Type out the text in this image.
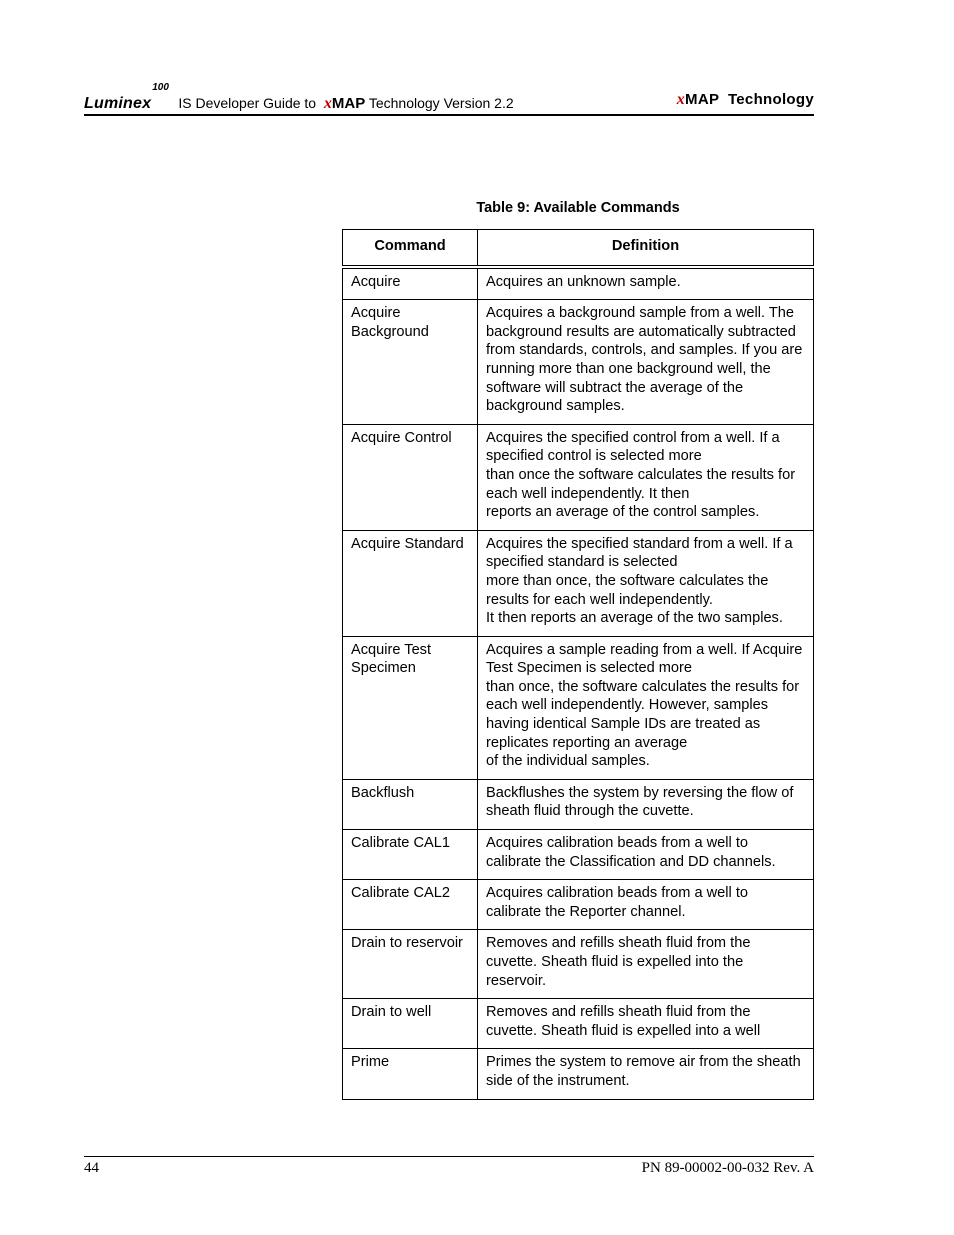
Luminex$^{100}$ IS Developer Guide to xMAP Technology Version 2.2	xMAP  Technology
Table 9: Available Commands
Command	Definition
Acquire	Acquires an unknown sample.
Acquire Background	Acquires a background sample from a well. The background results are automatically subtracted from standards, controls, and samples. If you are running more than one background well, the software will subtract the average of the background samples.
Acquire Control	Acquires the specified control from a well. If a specified control is selected more
than once the software calculates the results for each well independently. It then
reports an average of the control samples.
Acquire Standard	Acquires the specified standard from a well. If a specified standard is selected
more than once, the software calculates the results for each well independently.
It then reports an average of the two samples.
Acquire Test Specimen	Acquires a sample reading from a well. If Acquire Test Specimen is selected more
than once, the software calculates the results for each well independently. However, samples having identical Sample IDs are treated as replicates reporting an average
of the individual samples.
Backflush	Backflushes the system by reversing the flow of sheath fluid through the cuvette.
Calibrate CAL1	Acquires calibration beads from a well to calibrate the Classification and DD channels.
Calibrate CAL2	Acquires calibration beads from a well to calibrate the Reporter channel.
Drain to reservoir	Removes and refills sheath fluid from the cuvette. Sheath fluid is expelled into the reservoir.
Drain to well	Removes and refills sheath fluid from the cuvette. Sheath fluid is expelled into a well
Prime	Primes the system to remove air from the sheath side of the instrument.
44	PN 89-00002-00-032 Rev. A
